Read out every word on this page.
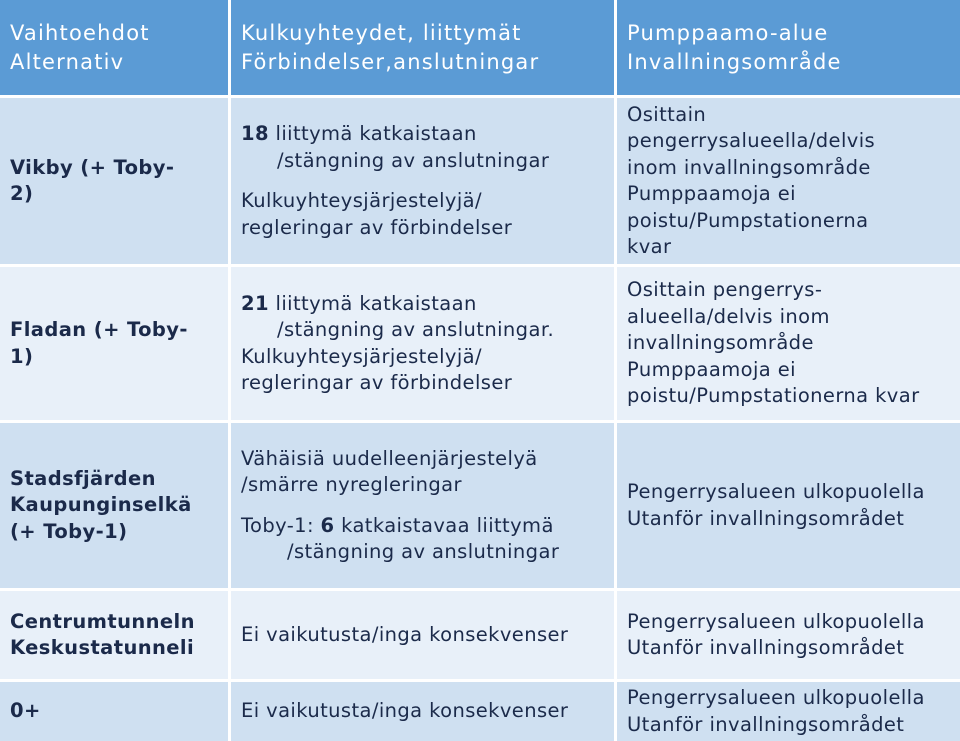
Vaihtoehdot
Alternativ
Kulkuyhteydet, liittymät
Förbindelser,anslutningar
Pumppaamo-alue
Invallningsområde
Vikby (+ Toby-
2)
18 liittymä katkaistaan
/stängning av anslutningar
Kulkuyhteysjärjestelyjä/
regleringar av förbindelser
Osittain
pengerrysalueella/delvis
inom invallningsområde
Pumppaamoja ei
poistu/Pumpstationerna
kvar
Fladan (+ Toby-
1)
21 liittymä katkaistaan
/stängning av anslutningar.
Kulkuyhteysjärjestelyjä/
regleringar av förbindelser
Osittain pengerrys-
alueella/delvis inom
invallningsområde
Pumppaamoja ei
poistu/Pumpstationerna kvar
Stadsfjärden
Kaupunginselkä
(+ Toby-1)
Vähäisiä uudelleenjärjestelyä
/smärre nyregleringar
Toby-1: 6 katkaistavaa liittymä
/stängning av anslutningar
Pengerrysalueen ulkopuolella
Utanför invallningsområdet
Centrumtunneln
Keskustatunneli
Ei vaikutusta/inga konsekvenser
Pengerrysalueen ulkopuolella
Utanför invallningsområdet
0+	Ei vaikutusta/inga konsekvenser
Pengerrysalueen ulkopuolella
Utanför invallningsområdet
